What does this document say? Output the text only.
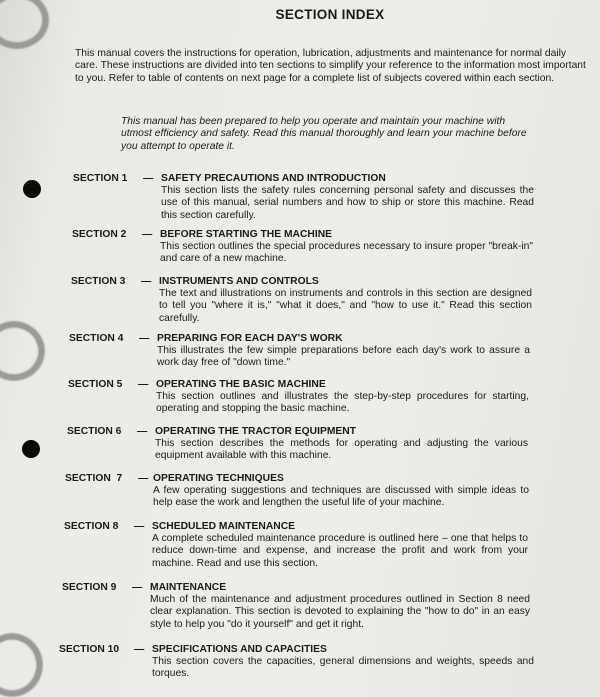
SECTION INDEX
This manual covers the instructions for operation, lubrication, adjustments and maintenance for normal daily care. These instructions are divided into ten sections to simplify your reference to the information most important to you. Refer to table of contents on next page for a complete list of subjects covered within each section.
This manual has been prepared to help you operate and maintain your machine with utmost efficiency and safety. Read this manual thoroughly and learn your machine before you attempt to operate it.
SECTION 1	— SAFETY PRECAUTIONS AND INTRODUCTION
This section lists the safety rules concerning personal safety and discusses the use of this manual, serial numbers and how to ship or store this machine. Read this section carefully.
SECTION 2	— BEFORE STARTING THE MACHINE
This section outlines the special procedures necessary to insure proper "break-in" and care of a new machine.
SECTION 3	— INSTRUMENTS AND CONTROLS
The text and illustrations on instruments and controls in this section are designed to tell you "where it is," "what it does," and "how to use it." Read this section carefully.
SECTION 4	— PREPARING FOR EACH DAY'S WORK
This illustrates the few simple preparations before each day's work to assure a work day free of "down time."
SECTION 5	— OPERATING THE BASIC MACHINE
This section outlines and illustrates the step-by-step procedures for starting, operating and stopping the basic machine.
SECTION 6	— OPERATING THE TRACTOR EQUIPMENT
This section describes the methods for operating and adjusting the various equipment available with this machine.
SECTION  7	— OPERATING TECHNIQUES
A few operating suggestions and techniques are discussed with simple ideas to help ease the work and lengthen the useful life of your machine.
SECTION 8	— SCHEDULED MAINTENANCE
A complete scheduled maintenance procedure is outlined here – one that helps to reduce down-time and expense, and increase the profit and work from your machine. Read and use this section.
SECTION 9	— MAINTENANCE
Much of the maintenance and adjustment procedures outlined in Section 8 need clear explanation. This section is devoted to explaining the "how to do" in an easy style to help you "do it yourself" and get it right.
SECTION 10	— SPECIFICATIONS AND CAPACITIES
This section covers the capacities, general dimensions and weights, speeds and torques.
